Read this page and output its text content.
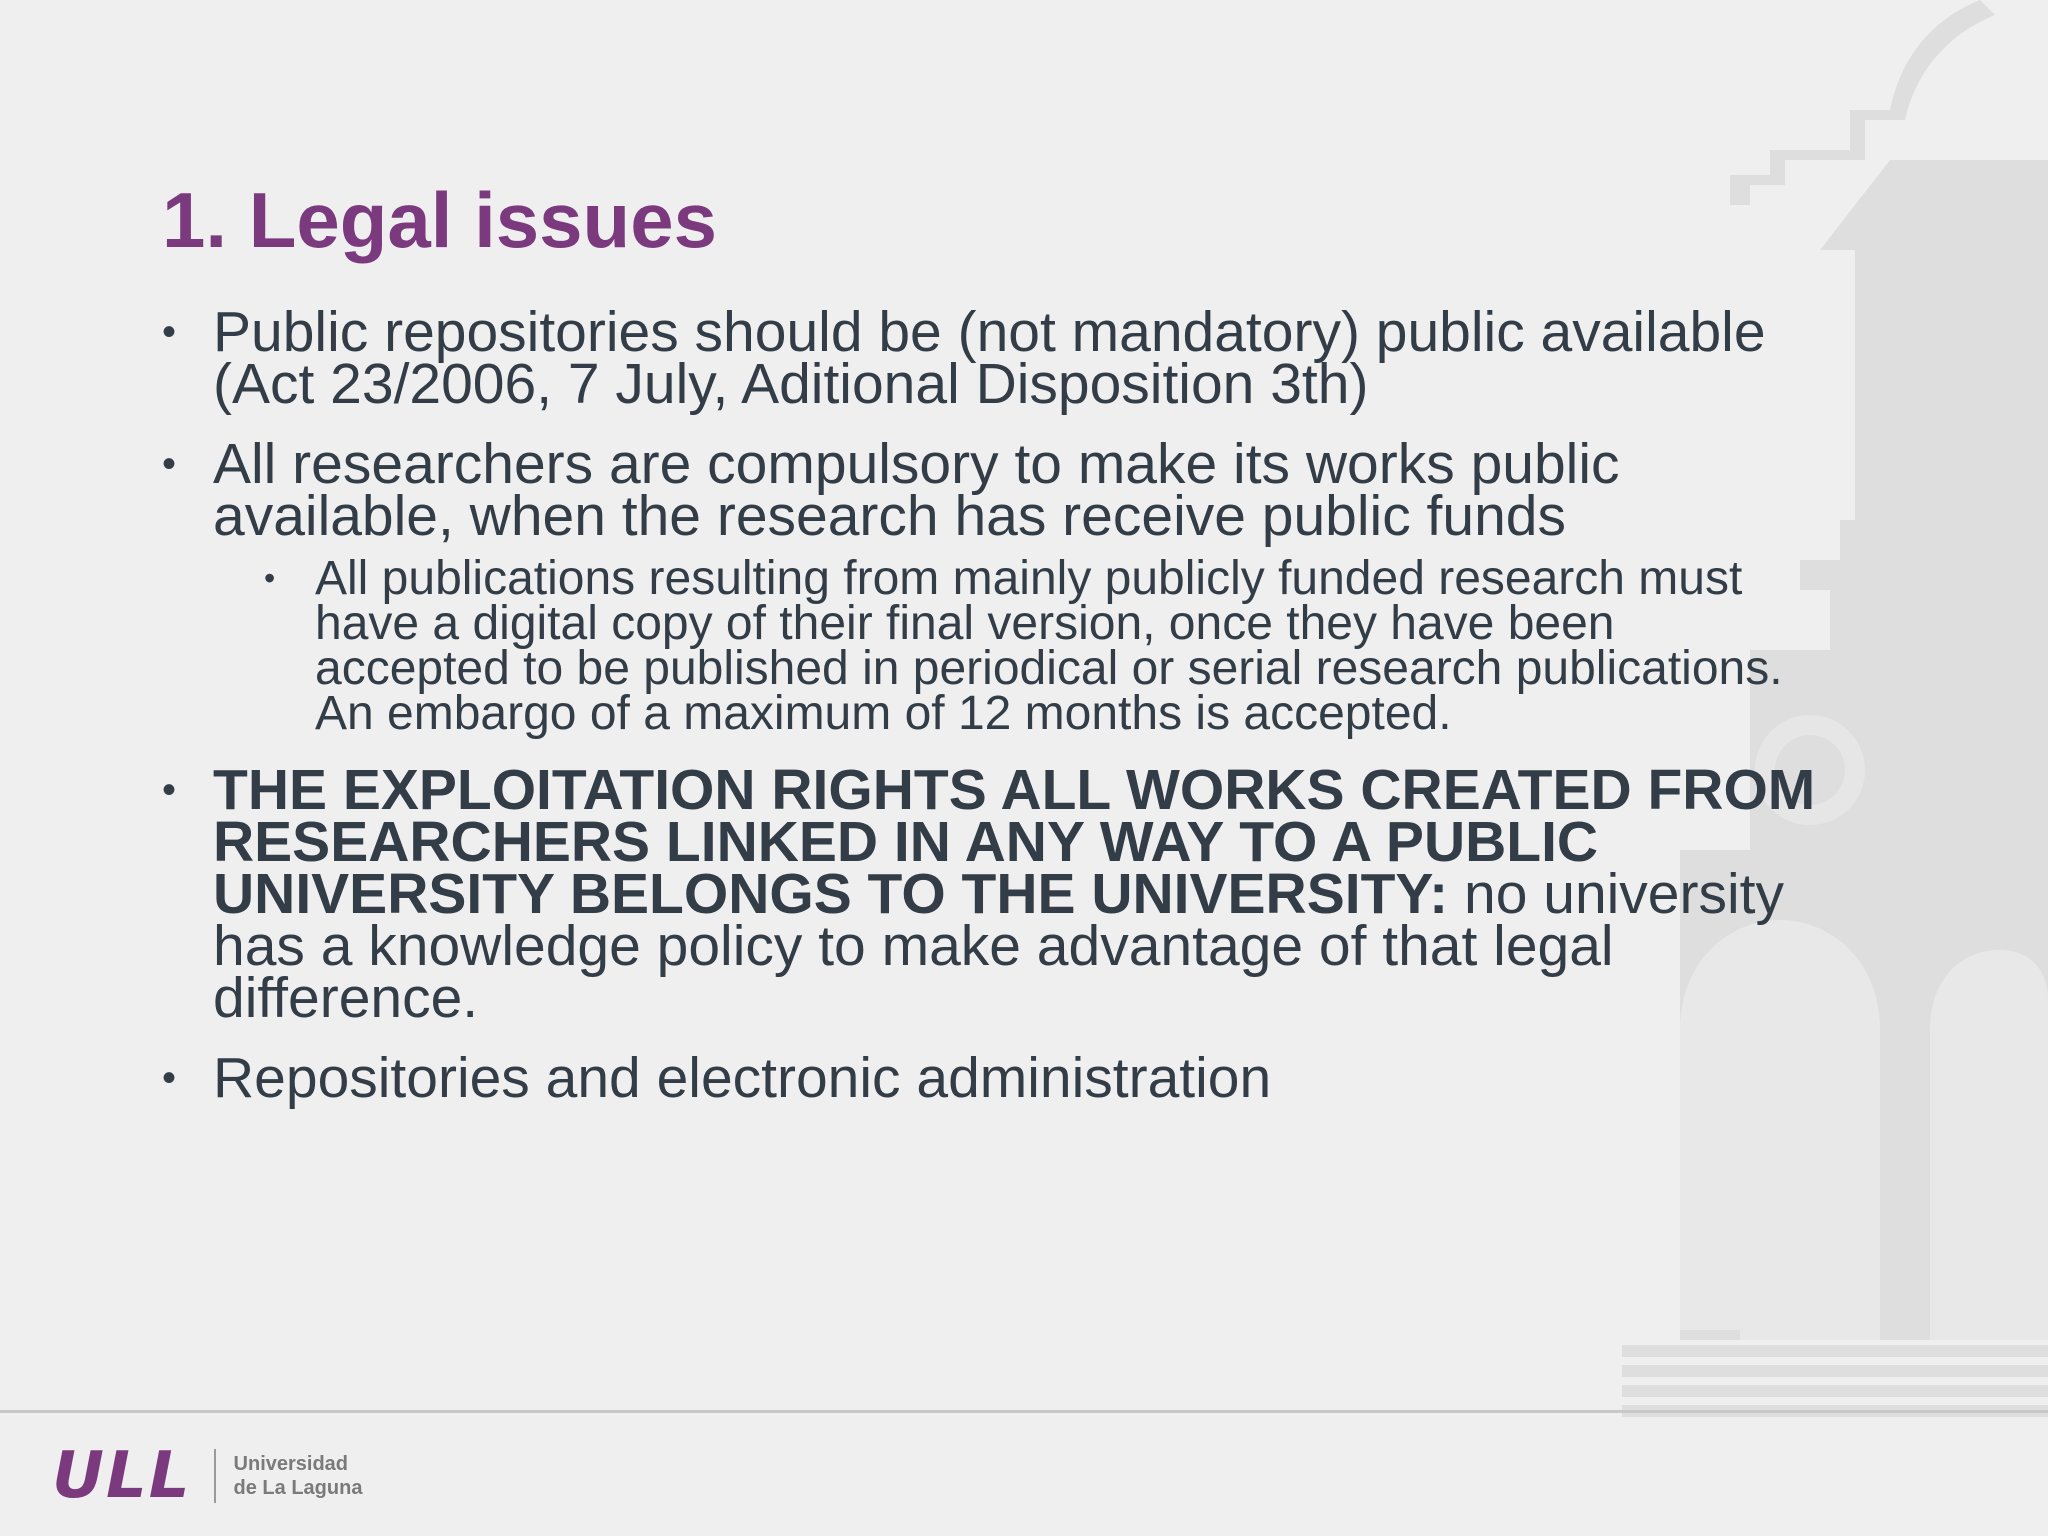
1. Legal issues
• Public repositories should be (not mandatory) public available (Act 23/2006, 7 July, Aditional Disposition 3th)
• All researchers are compulsory to make its works public available, when the research has receive public funds
• All publications resulting from mainly publicly funded research must have a digital copy of their final version, once they have been accepted to be published in periodical or serial research publications. An embargo of a maximum of 12 months is accepted.
• THE EXPLOITATION RIGHTS ALL WORKS CREATED FROM RESEARCHERS LINKED IN ANY WAY TO A PUBLIC UNIVERSITY BELONGS TO THE UNIVERSITY: no university has a knowledge policy to make advantage of that legal difference.
• Repositories and electronic administration
ULL Universidad
de La Laguna
